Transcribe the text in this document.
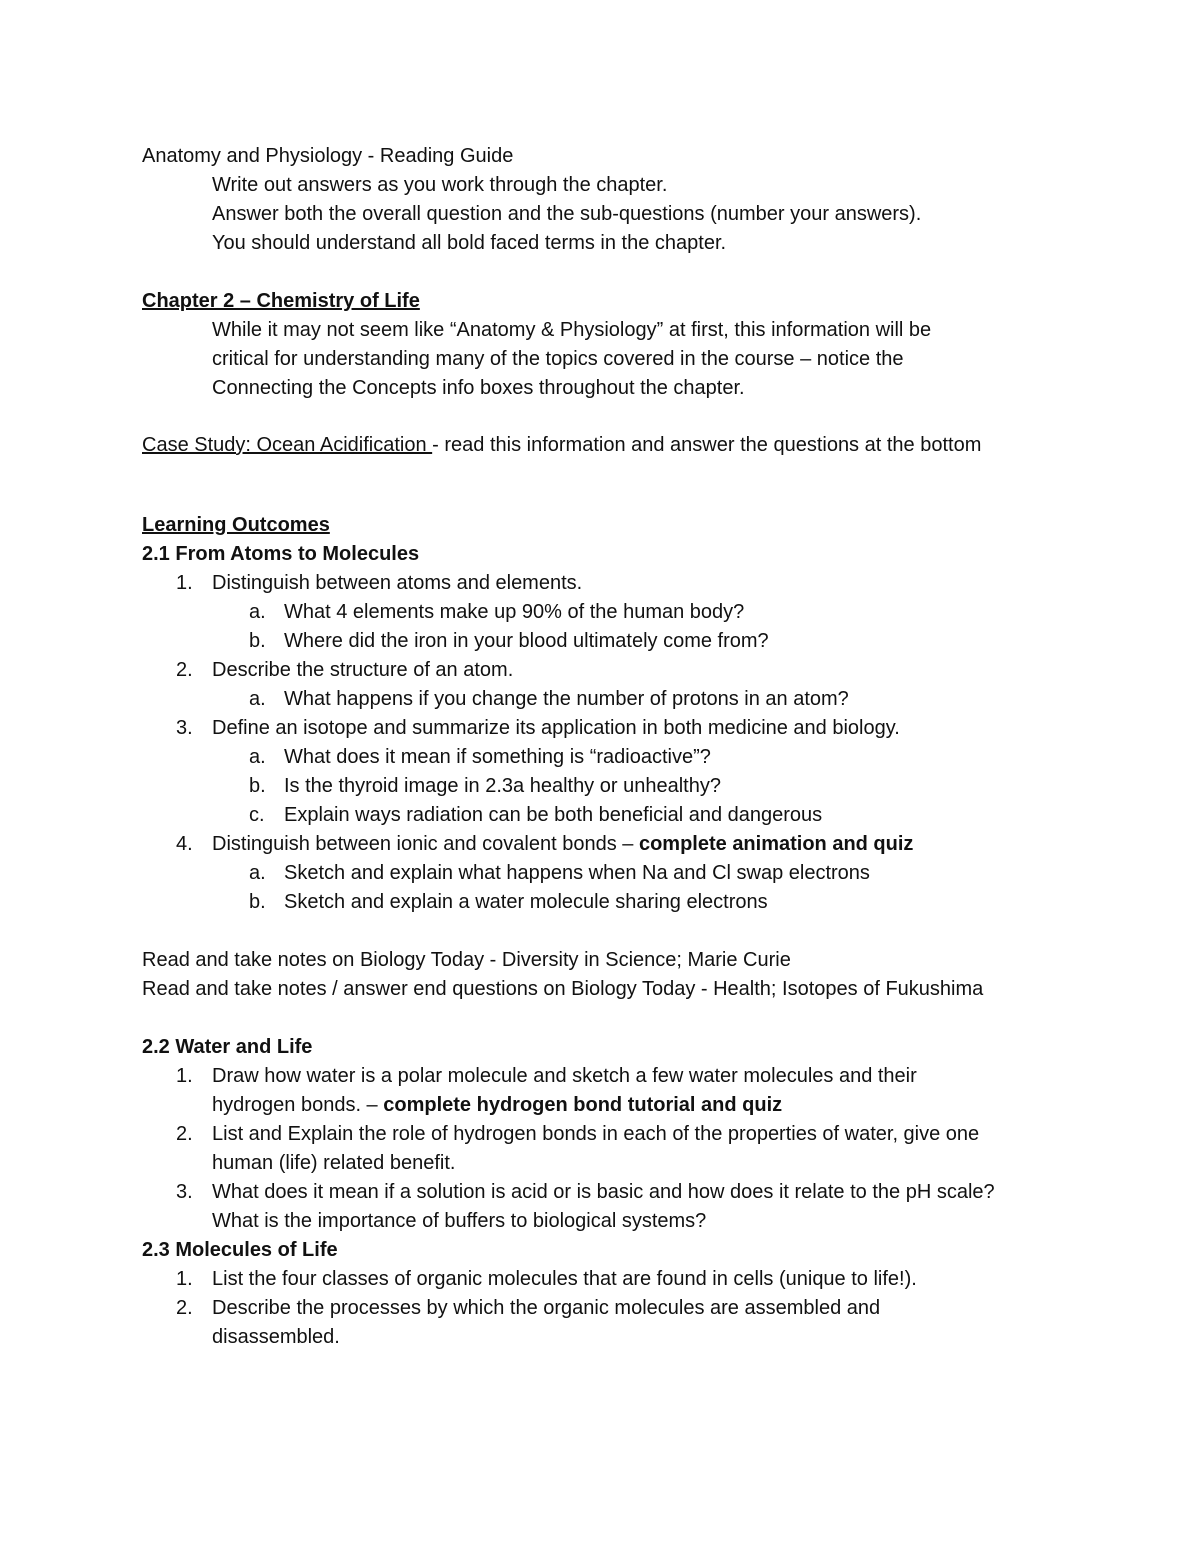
Anatomy and Physiology - Reading Guide

Write out answers as you work through the chapter.

Answer both the overall question and the sub-questions (number your answers).

You should understand all bold faced terms in the chapter.

Chapter 2 – Chemistry of Life

While it may not seem like “Anatomy & Physiology” at first, this information will be

critical for understanding many of the topics covered in the course – notice the

Connecting the Concepts info boxes throughout the chapter.

Case Study: Ocean Acidification - read this information and answer the questions at the bottom

Learning Outcomes

2.1 From Atoms to Molecules

1. Distinguish between atoms and elements.

a. What 4 elements make up 90% of the human body?

b. Where did the iron in your blood ultimately come from?

2. Describe the structure of an atom.

a. What happens if you change the number of protons in an atom?

3. Define an isotope and summarize its application in both medicine and biology.

a. What does it mean if something is “radioactive”?

b. Is the thyroid image in 2.3a healthy or unhealthy?

c. Explain ways radiation can be both beneficial and dangerous

4. Distinguish between ionic and covalent bonds – complete animation and quiz

a. Sketch and explain what happens when Na and Cl swap electrons

b. Sketch and explain a water molecule sharing electrons

Read and take notes on Biology Today - Diversity in Science; Marie Curie

Read and take notes / answer end questions on Biology Today - Health; Isotopes of Fukushima

2.2 Water and Life

1. Draw how water is a polar molecule and sketch a few water molecules and their

hydrogen bonds. – complete hydrogen bond tutorial and quiz

2. List and Explain the role of hydrogen bonds in each of the properties of water, give one

human (life) related benefit.

3. What does it mean if a solution is acid or is basic and how does it relate to the pH scale?

What is the importance of buffers to biological systems?

2.3 Molecules of Life

1. List the four classes of organic molecules that are found in cells (unique to life!).

2. Describe the processes by which the organic molecules are assembled and

disassembled.
